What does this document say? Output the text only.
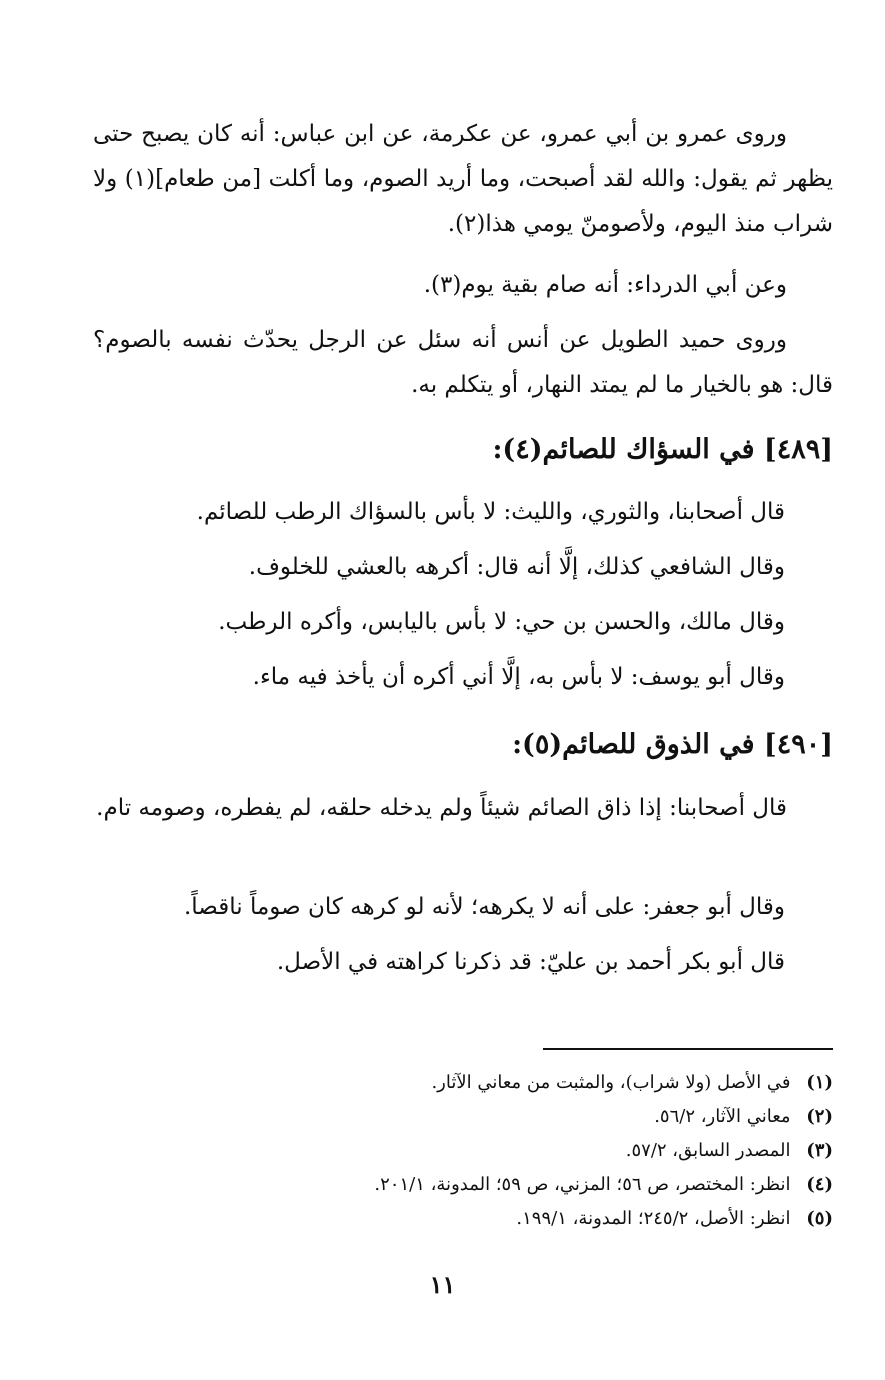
وروى عمرو بن أبي عمرو، عن عكرمة، عن ابن عباس: أنه كان يصبح حتى يظهر ثم يقول: والله لقد أصبحت، وما أريد الصوم، وما أكلت [من طعام](١) ولا شراب منذ اليوم، ولأصومنّ يومي هذا(٢).

وعن أبي الدرداء: أنه صام بقية يوم(٣).

وروى حميد الطويل عن أنس أنه سئل عن الرجل يحدّث نفسه بالصوم؟ قال: هو بالخيار ما لم يمتد النهار، أو يتكلم به.

[٤٨٩] في السؤاك للصائم(٤):

قال أصحابنا، والثوري، والليث: لا بأس بالسؤاك الرطب للصائم.

وقال الشافعي كذلك، إلَّا أنه قال: أكرهه بالعشي للخلوف.

وقال مالك، والحسن بن حي: لا بأس باليابس، وأكره الرطب.

وقال أبو يوسف: لا بأس به، إلَّا أني أكره أن يأخذ فيه ماء.

[٤٩٠] في الذوق للصائم(٥):

قال أصحابنا: إذا ذاق الصائم شيئاً ولم يدخله حلقه، لم يفطره، وصومه تام.

وقال أبو جعفر: على أنه لا يكرهه؛ لأنه لو كرهه كان صوماً ناقصاً.

قال أبو بكر أحمد بن عليّ: قد ذكرنا كراهته في الأصل.

(١) في الأصل (ولا شراب)، والمثبت من معاني الآثار.
(٢) معاني الآثار، ٥٦/٢.
(٣) المصدر السابق، ٥٧/٢.
(٤) انظر: المختصر، ص ٥٦؛ المزني، ص ٥٩؛ المدونة، ٢٠١/١.
(٥) انظر: الأصل، ٢٤٥/٢؛ المدونة، ١٩٩/١.
١١
